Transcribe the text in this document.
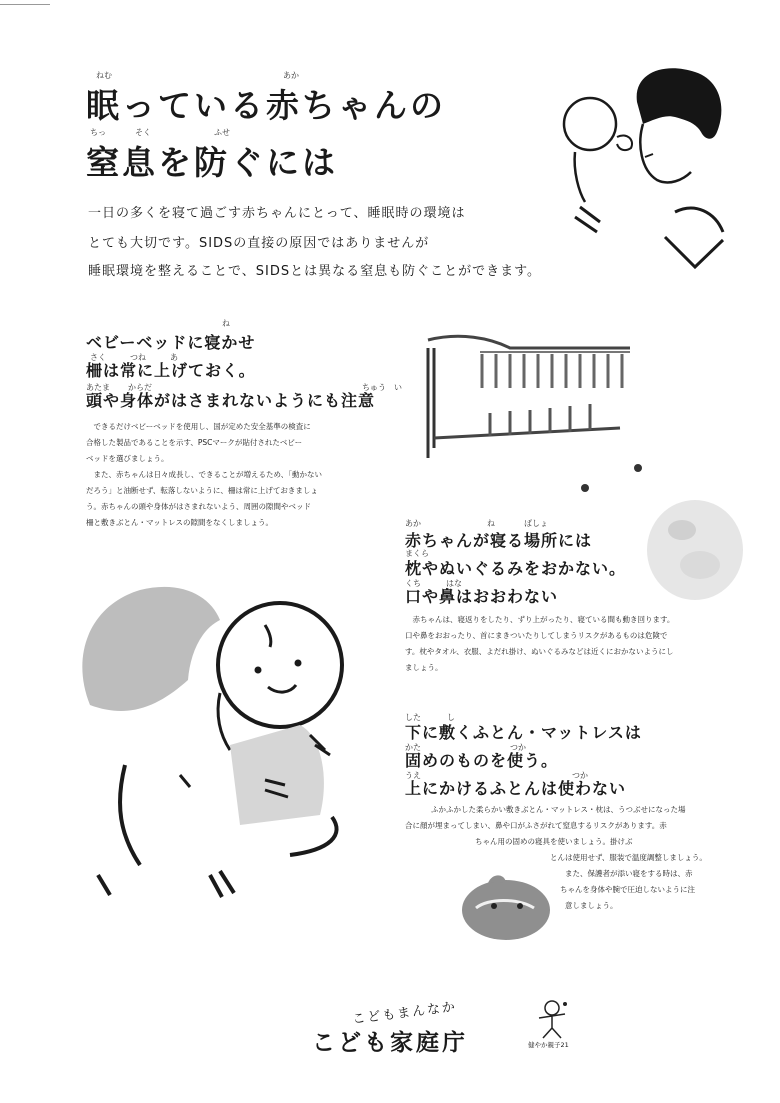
ねむ	あか
眠っている赤ちゃんの
ちっ	そく	ふせ
窒息を防ぐには
一日の多くを寝て過ごす赤ちゃんにとって、睡眠時の環境は
とても大切です。SIDSの直接の原因ではありませんが
睡眠環境を整えることで、SIDSとは異なる窒息も防ぐことができます。
ね
ベビーベッドに寝かせ
さく	つね	あ
柵は常に上げておく。
あたま からだ	ちゅう い
頭や身体がはさまれないようにも注意

　できるだけベビーベッドを使用し、国が定めた安全基準の検査に

合格した製品であることを示す、PSCマークが貼付されたベビー

ベッドを選びましょう。

　また、赤ちゃんは日々成長し、できることが増えるため、「動かない

だろう」と油断せず、転落しないように、柵は常に上げておきましょ

う。赤ちゃんの頭や身体がはさまれないよう、周囲の隙間やベッド

柵と敷きぶとん・マットレスの隙間をなくしましょう。	あか	ね	ばしょ
赤ちゃんが寝る場所には
まくら
枕やぬいぐるみをおかない。
くち	はな
口や鼻はおおわない

　赤ちゃんは、寝返りをしたり、ずり上がったり、寝ている間も動き回ります。

口や鼻をおおったり、首にまきついたりしてしまうリスクがあるものは危険で

す。枕やタオル、衣服、よだれ掛け、ぬいぐるみなどは近くにおかないようにし

ましょう。

した	し
下に敷くふとん・マットレスは
かた	つか
固めのものを使う。
うえ	つか
上にかけるふとんは使わない

ふかふかした柔らかい敷きぶとん・マットレス・枕は、うつぶせになった場

合に顔が埋まってしまい、鼻や口がふさがれて窒息するリスクがあります。赤

ちゃん用の固めの寝具を使いましょう。掛けぶ

とんは使用せず、服装で温度調整しましょう。

また、保護者が添い寝をする時は、赤

ちゃんを身体や腕で圧迫しないように注

意しましょう。

こどもまんなか
こども家庭庁	健やか親子21
